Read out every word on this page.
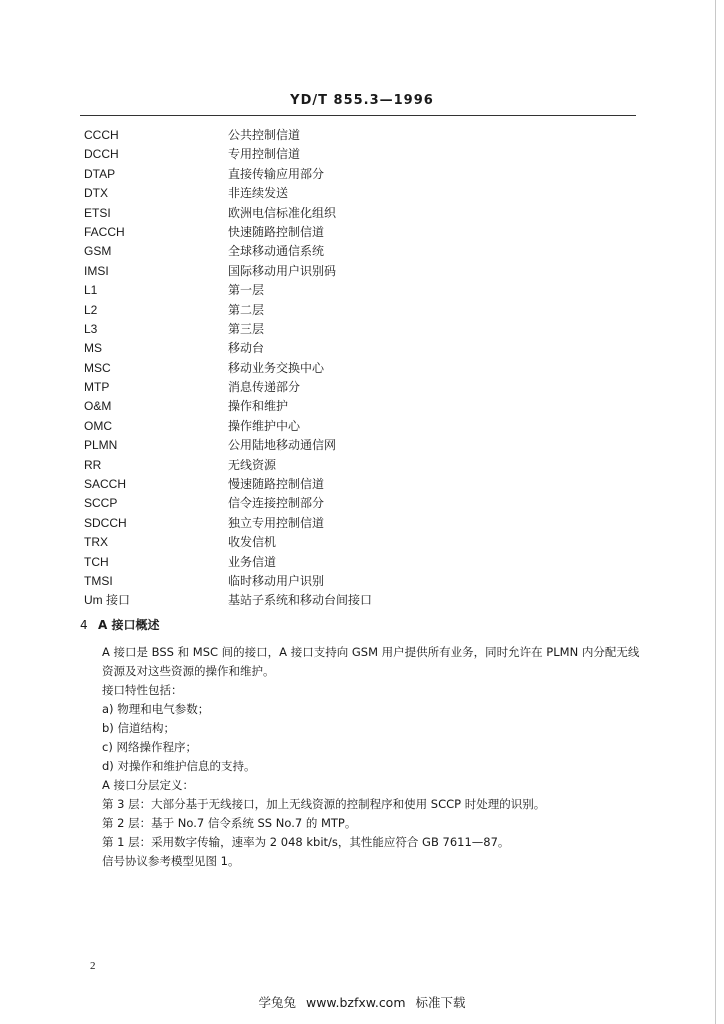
YD/T 855.3—1996
CCCH	公共控制信道
DCCH	专用控制信道
DTAP	直接传输应用部分
DTX	非连续发送
ETSI	欧洲电信标准化组织
FACCH	快速随路控制信道
GSM	全球移动通信系统
IMSI	国际移动用户识别码
L1	第一层
L2	第二层
L3	第三层
MS	移动台
MSC	移动业务交换中心
MTP	消息传递部分
O&M	操作和维护
OMC	操作维护中心
PLMN	公用陆地移动通信网
RR	无线资源
SACCH	慢速随路控制信道
SCCP	信令连接控制部分
SDCCH	独立专用控制信道
TRX	收发信机
TCH	业务信道
TMSI	临时移动用户识别
Um 接口	基站子系统和移动台间接口
4 A 接口概述
A 接口是 BSS 和 MSC 间的接口，A 接口支持向 GSM 用户提供所有业务，同时允许在 PLMN 内分配无线资源及对这些资源的操作和维护。
接口特性包括：
a) 物理和电气参数；
b) 信道结构；
c) 网络操作程序；
d) 对操作和维护信息的支持。
A 接口分层定义：
第 3 层：大部分基于无线接口，加上无线资源的控制程序和使用 SCCP 时处理的识别。
第 2 层：基于 No.7 信令系统 SS No.7 的 MTP。
第 1 层：采用数字传输，速率为 2 048 kbit/s，其性能应符合 GB 7611—87。
信号协议参考模型见图 1。
2
学兔兔 www.bzfxw.com 标准下载
